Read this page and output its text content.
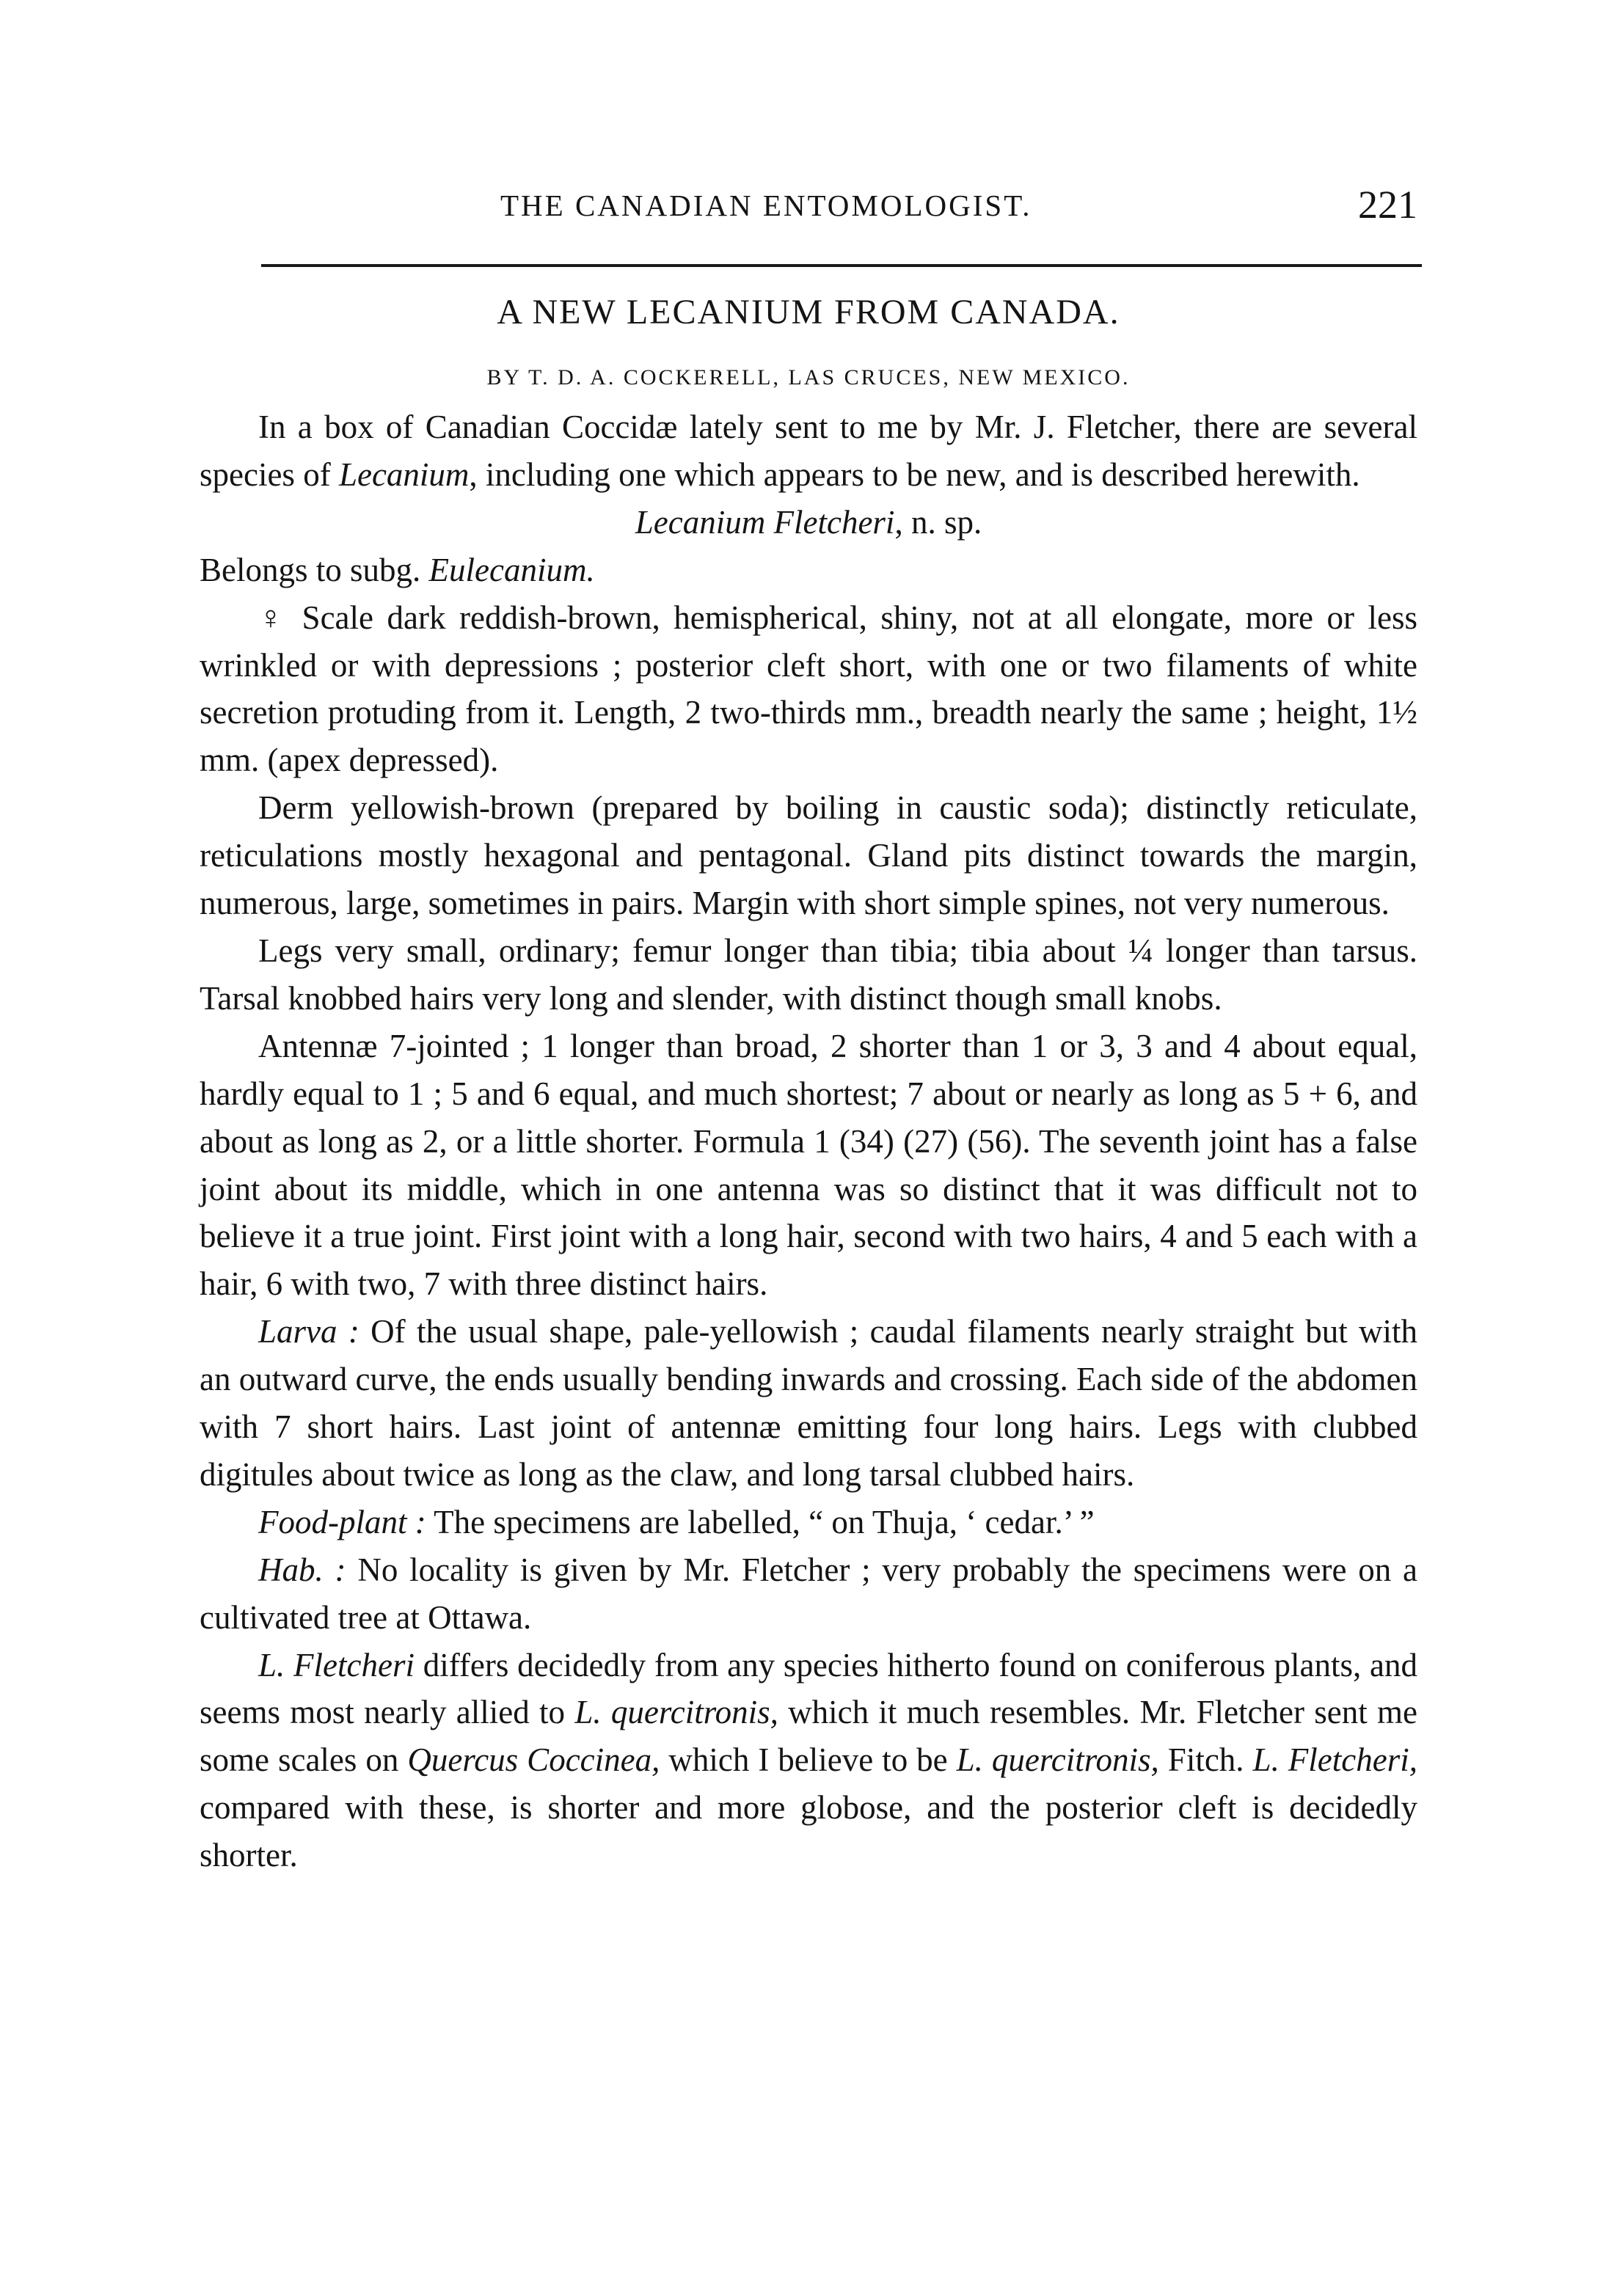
THE CANADIAN ENTOMOLOGIST.	221
A NEW LECANIUM FROM CANADA.
BY T. D. A. COCKERELL, LAS CRUCES, NEW MEXICO.

In a box of Canadian Coccidæ lately sent to me by Mr. J. Fletcher, there are several species of Lecanium, including one which appears to be new, and is described herewith.

Lecanium Fletcheri, n. sp.

Belongs to subg. Eulecanium.

♀ Scale dark reddish-brown, hemispherical, shiny, not at all elongate, more or less wrinkled or with depressions ; posterior cleft short, with one or two filaments of white secretion protuding from it. Length, 2 two-thirds mm., breadth nearly the same ; height, 1½ mm. (apex depressed).

Derm yellowish-brown (prepared by boiling in caustic soda); distinctly reticulate, reticulations mostly hexagonal and pentagonal. Gland pits distinct towards the margin, numerous, large, sometimes in pairs. Margin with short simple spines, not very numerous.

Legs very small, ordinary; femur longer than tibia; tibia about ¼ longer than tarsus. Tarsal knobbed hairs very long and slender, with distinct though small knobs.

Antennæ 7-jointed ; 1 longer than broad, 2 shorter than 1 or 3, 3 and 4 about equal, hardly equal to 1 ; 5 and 6 equal, and much shortest; 7 about or nearly as long as 5 + 6, and about as long as 2, or a little shorter. Formula 1 (34) (27) (56). The seventh joint has a false joint about its middle, which in one antenna was so distinct that it was difficult not to believe it a true joint. First joint with a long hair, second with two hairs, 4 and 5 each with a hair, 6 with two, 7 with three distinct hairs.

Larva : Of the usual shape, pale-yellowish ; caudal filaments nearly straight but with an outward curve, the ends usually bending inwards and crossing. Each side of the abdomen with 7 short hairs. Last joint of antennæ emitting four long hairs. Legs with clubbed digitules about twice as long as the claw, and long tarsal clubbed hairs.

Food-plant : The specimens are labelled, “ on Thuja, ‘ cedar.’ ”

Hab. : No locality is given by Mr. Fletcher ; very probably the specimens were on a cultivated tree at Ottawa.

L. Fletcheri differs decidedly from any species hitherto found on coniferous plants, and seems most nearly allied to L. quercitronis, which it much resembles. Mr. Fletcher sent me some scales on Quercus Coccinea, which I believe to be L. quercitronis, Fitch. L. Fletcheri, compared with these, is shorter and more globose, and the posterior cleft is decidedly shorter.
